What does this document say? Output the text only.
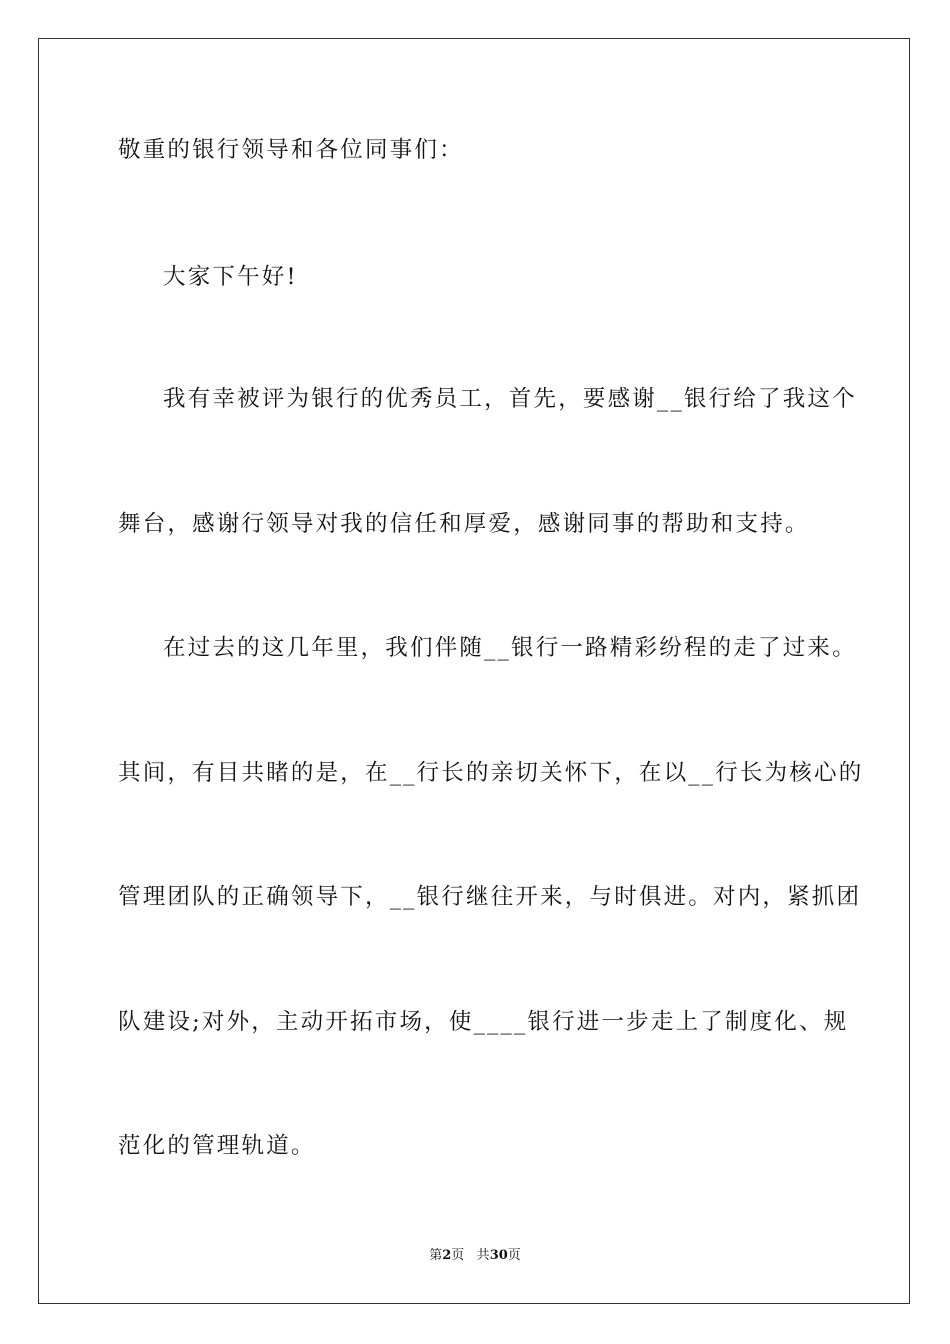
敬重的银行领导和各位同事们：
大家下午好!
我有幸被评为银行的优秀员工，首先，要感谢__银行给了我这个
舞台，感谢行领导对我的信任和厚爱，感谢同事的帮助和支持。
在过去的这几年里，我们伴随__银行一路精彩纷程的走了过来。
其间，有目共睹的是，在__行长的亲切关怀下，在以__行长为核心的
管理团队的正确领导下，__银行继往开来，与时俱进。对内，紧抓团
队建设;对外，主动开拓市场，使____银行进一步走上了制度化、规
范化的管理轨道。
第2页 共30页
